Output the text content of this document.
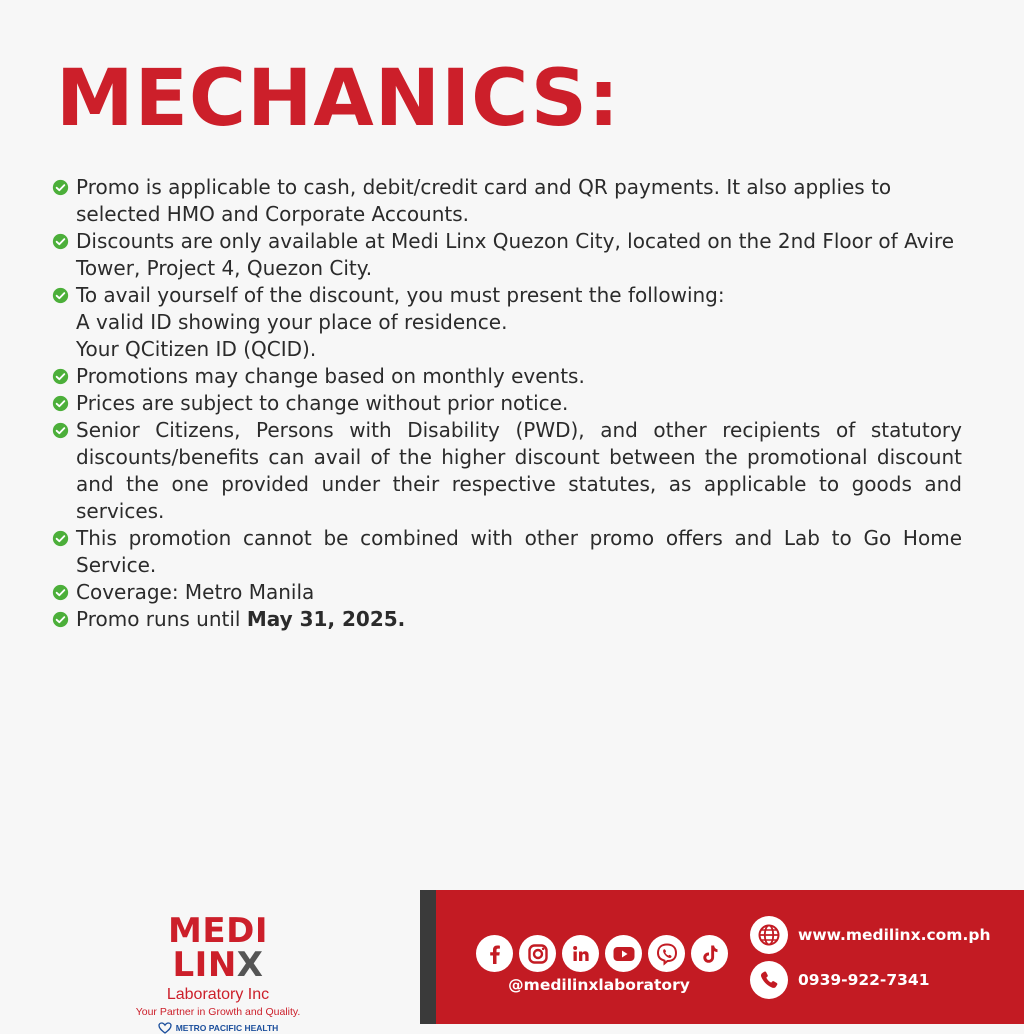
MECHANICS:
Promo is applicable to cash, debit/credit card and QR payments. It also applies to selected HMO and Corporate Accounts.
Discounts are only available at Medi Linx Quezon City, located on the 2nd Floor of Avire Tower, Project 4, Quezon City.
To avail yourself of the discount, you must present the following:
A valid ID showing your place of residence.
Your QCitizen ID (QCID).
Promotions may change based on monthly events.
Prices are subject to change without prior notice.
Senior Citizens, Persons with Disability (PWD), and other recipients of statutory discounts/benefits can avail of the higher discount between the promotional discount and the one provided under their respective statutes, as applicable to goods and services.
This promotion cannot be combined with other promo offers and Lab to Go Home Service.
Coverage: Metro Manila
Promo runs until May 31, 2025.
MEDI LINX
Laboratory Inc
Your Partner in Growth and Quality.
METRO PACIFIC HEALTH
@medilinxlaboratory
www.medilinx.com.ph
0939-922-7341
